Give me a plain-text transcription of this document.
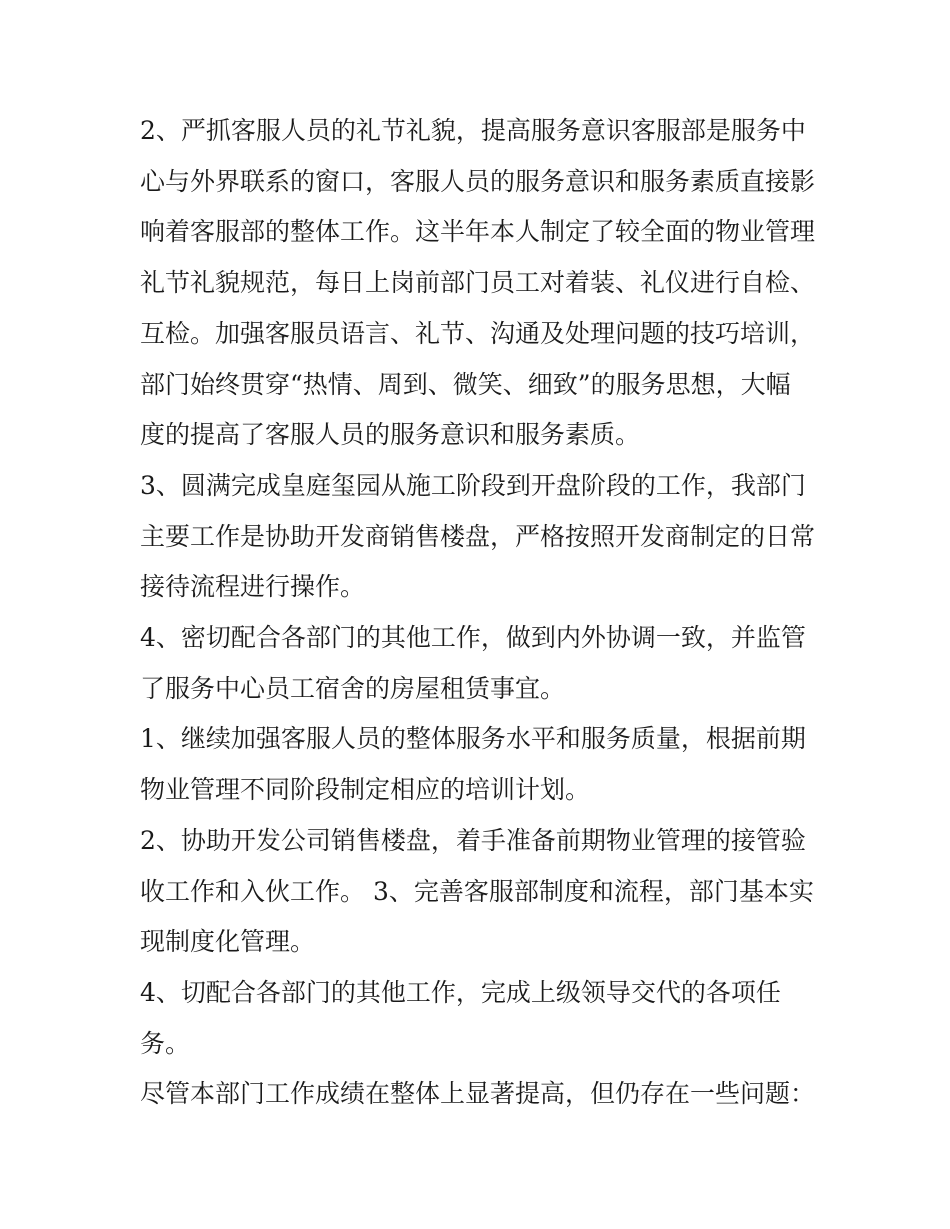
2、严抓客服人员的礼节礼貌，提高服务意识客服部是服务中心与外界联系的窗口，客服人员的服务意识和服务素质直接影响着客服部的整体工作。这半年本人制定了较全面的物业管理礼节礼貌规范，每日上岗前部门员工对着装、礼仪进行自检、互检。加强客服员语言、礼节、沟通及处理问题的技巧培训，部门始终贯穿“热情、周到、微笑、细致”的服务思想，大幅度的提高了客服人员的服务意识和服务素质。

3、圆满完成皇庭玺园从施工阶段到开盘阶段的工作，我部门主要工作是协助开发商销售楼盘，严格按照开发商制定的日常接待流程进行操作。

4、密切配合各部门的其他工作，做到内外协调一致，并监管了服务中心员工宿舍的房屋租赁事宜。

1、继续加强客服人员的整体服务水平和服务质量，根据前期物业管理不同阶段制定相应的培训计划。

2、协助开发公司销售楼盘，着手准备前期物业管理的接管验收工作和入伙工作。 3、完善客服部制度和流程，部门基本实现制度化管理。

4、切配合各部门的其他工作，完成上级领导交代的各项任务。

尽管本部门工作成绩在整体上显著提高，但仍存在一些问题：
